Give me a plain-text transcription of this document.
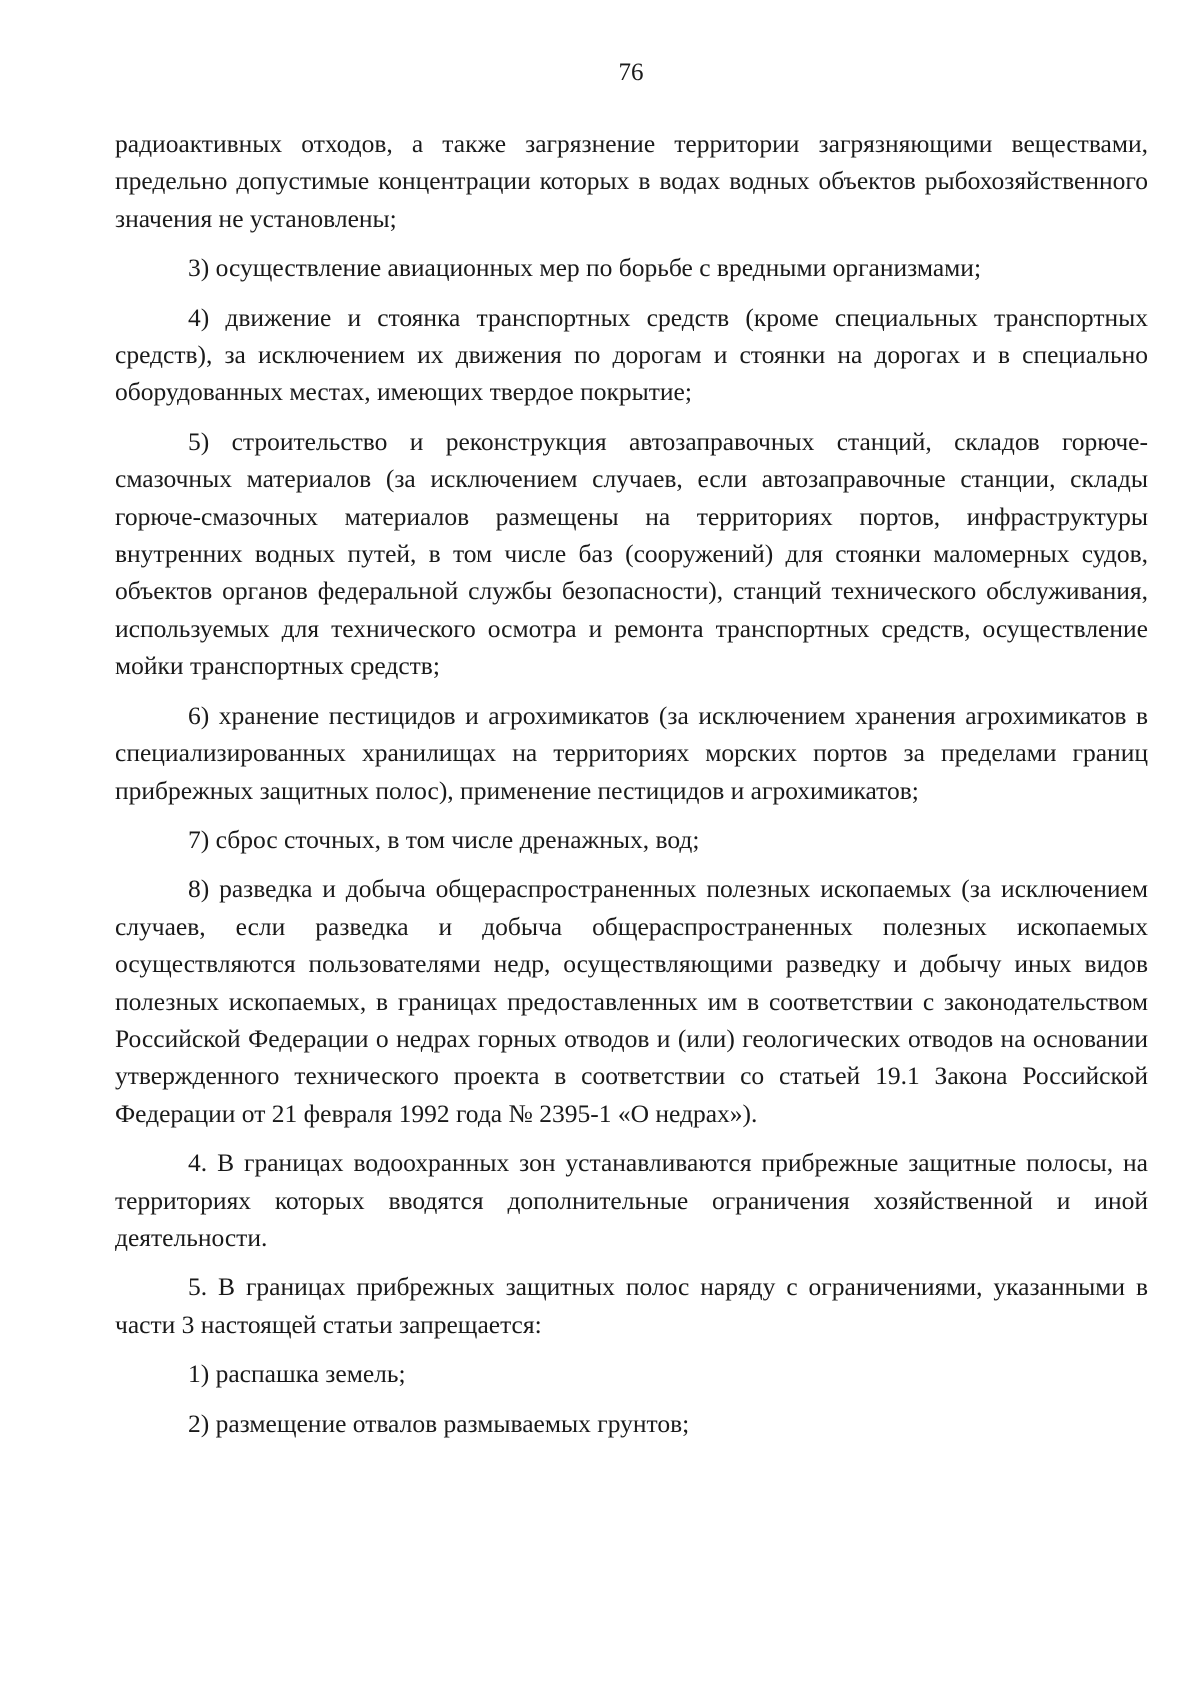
76

радиоактивных отходов, а также загрязнение территории загрязняющими веществами, предельно допустимые концентрации которых в водах водных объектов рыбохозяйственного значения не установлены;

3) осуществление авиационных мер по борьбе с вредными организмами;

4) движение и стоянка транспортных средств (кроме специальных транспортных средств), за исключением их движения по дорогам и стоянки на дорогах и в специально оборудованных местах, имеющих твердое покрытие;

5) строительство и реконструкция автозаправочных станций, складов горюче-смазочных материалов (за исключением случаев, если автозаправочные станции, склады горюче-смазочных материалов размещены на территориях портов, инфраструктуры внутренних водных путей, в том числе баз (сооружений) для стоянки маломерных судов, объектов органов федеральной службы безопасности), станций технического обслуживания, используемых для технического осмотра и ремонта транспортных средств, осуществление мойки транспортных средств;

6) хранение пестицидов и агрохимикатов (за исключением хранения агрохимикатов в специализированных хранилищах на территориях морских портов за пределами границ прибрежных защитных полос), применение пестицидов и агрохимикатов;

7) сброс сточных, в том числе дренажных, вод;

8) разведка и добыча общераспространенных полезных ископаемых (за исключением случаев, если разведка и добыча общераспространенных полезных ископаемых осуществляются пользователями недр, осуществляющими разведку и добычу иных видов полезных ископаемых, в границах предоставленных им в соответствии с законодательством Российской Федерации о недрах горных отводов и (или) геологических отводов на основании утвержденного технического проекта в соответствии со статьей 19.1 Закона Российской Федерации от 21 февраля 1992 года № 2395-1 «О недрах»).

4. В границах водоохранных зон устанавливаются прибрежные защитные полосы, на территориях которых вводятся дополнительные ограничения хозяйственной и иной деятельности.

5. В границах прибрежных защитных полос наряду с ограничениями, указанными в части 3 настоящей статьи запрещается:

1) распашка земель;

2) размещение отвалов размываемых грунтов;
